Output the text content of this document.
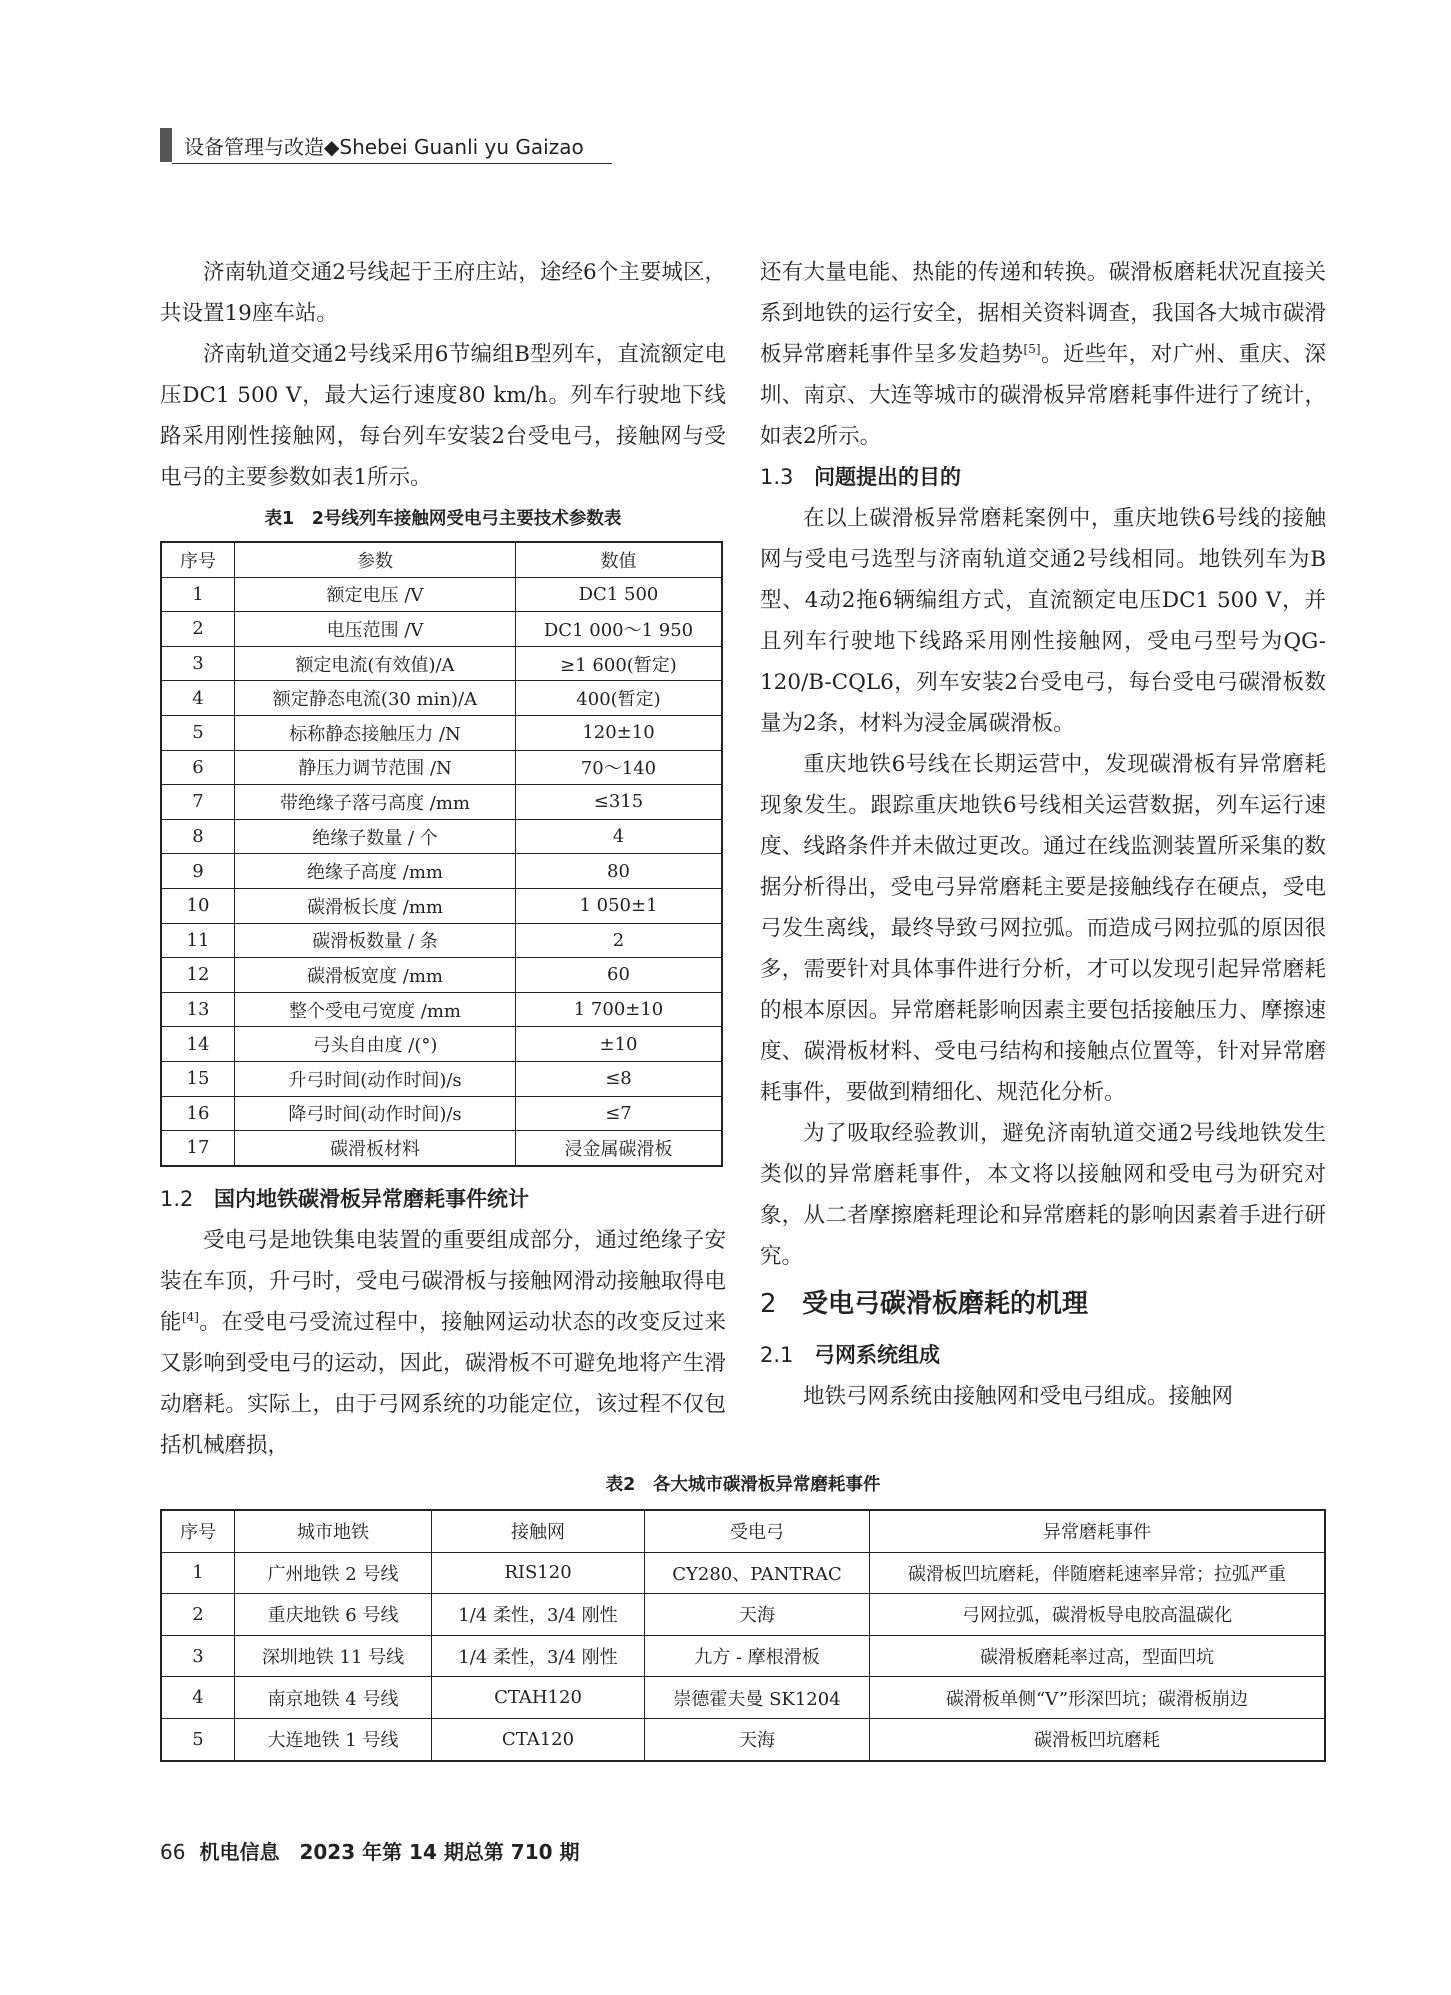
设备管理与改造◆Shebei Guanli yu Gaizao

济南轨道交通2号线起于王府庄站，途经6个主要城区，共设置19座车站。

济南轨道交通2号线采用6节编组B型列车，直流额定电压DC1 500 V，最大运行速度80 km/h。列车行驶地下线路采用刚性接触网，每台列车安装2台受电弓，接触网与受电弓的主要参数如表1所示。

表1　2号线列车接触网受电弓主要技术参数表
序号	参数	数值
1	额定电压 /V	DC1 500
2	电压范围 /V	DC1 000～1 950
3	额定电流(有效值)/A	≥1 600(暂定)
4	额定静态电流(30 min)/A	400(暂定)
5	标称静态接触压力 /N	120±10
6	静压力调节范围 /N	70～140
7	带绝缘子落弓高度 /mm	≤315
8	绝缘子数量 / 个	4
9	绝缘子高度 /mm	80
10	碳滑板长度 /mm	1 050±1
11	碳滑板数量 / 条	2
12	碳滑板宽度 /mm	60
13	整个受电弓宽度 /mm	1 700±10
14	弓头自由度 /(°)	±10
15	升弓时间(动作时间)/s	≤8
16	降弓时间(动作时间)/s	≤7
17	碳滑板材料	浸金属碳滑板
1.2 国内地铁碳滑板异常磨耗事件统计

受电弓是地铁集电装置的重要组成部分，通过绝缘子安装在车顶，升弓时，受电弓碳滑板与接触网滑动接触取得电能[4]。在受电弓受流过程中，接触网运动状态的改变反过来又影响到受电弓的运动，因此，碳滑板不可避免地将产生滑动磨耗。实际上，由于弓网系统的功能定位，该过程不仅包括机械磨损，

还有大量电能、热能的传递和转换。碳滑板磨耗状况直接关系到地铁的运行安全，据相关资料调查，我国各大城市碳滑板异常磨耗事件呈多发趋势[5]。近些年，对广州、重庆、深圳、南京、大连等城市的碳滑板异常磨耗事件进行了统计，如表2所示。

1.3 问题提出的目的

在以上碳滑板异常磨耗案例中，重庆地铁6号线的接触网与受电弓选型与济南轨道交通2号线相同。地铁列车为B型、4动2拖6辆编组方式，直流额定电压DC1 500 V，并且列车行驶地下线路采用刚性接触网，受电弓型号为QG-120/B-CQL6，列车安装2台受电弓，每台受电弓碳滑板数量为2条，材料为浸金属碳滑板。

重庆地铁6号线在长期运营中，发现碳滑板有异常磨耗现象发生。跟踪重庆地铁6号线相关运营数据，列车运行速度、线路条件并未做过更改。通过在线监测装置所采集的数据分析得出，受电弓异常磨耗主要是接触线存在硬点，受电弓发生离线，最终导致弓网拉弧。而造成弓网拉弧的原因很多，需要针对具体事件进行分析，才可以发现引起异常磨耗的根本原因。异常磨耗影响因素主要包括接触压力、摩擦速度、碳滑板材料、受电弓结构和接触点位置等，针对异常磨耗事件，要做到精细化、规范化分析。

为了吸取经验教训，避免济南轨道交通2号线地铁发生类似的异常磨耗事件，本文将以接触网和受电弓为研究对象，从二者摩擦磨耗理论和异常磨耗的影响因素着手进行研究。

2 受电弓碳滑板磨耗的机理
2.1 弓网系统组成

地铁弓网系统由接触网和受电弓组成。接触网

表2　各大城市碳滑板异常磨耗事件
序号	城市地铁	接触网	受电弓	异常磨耗事件
1	广州地铁 2 号线	RIS120	CY280、PANTRAC	碳滑板凹坑磨耗，伴随磨耗速率异常；拉弧严重
2	重庆地铁 6 号线	1/4 柔性，3/4 刚性	天海	弓网拉弧，碳滑板导电胶高温碳化
3	深圳地铁 11 号线	1/4 柔性，3/4 刚性	九方 - 摩根滑板	碳滑板磨耗率过高，型面凹坑
4	南京地铁 4 号线	CTAH120	崇德霍夫曼 SK1204	碳滑板单侧“V”形深凹坑；碳滑板崩边
5	大连地铁 1 号线	CTA120	天海	碳滑板凹坑磨耗
66 机电信息　2023 年第 14 期总第 710 期
